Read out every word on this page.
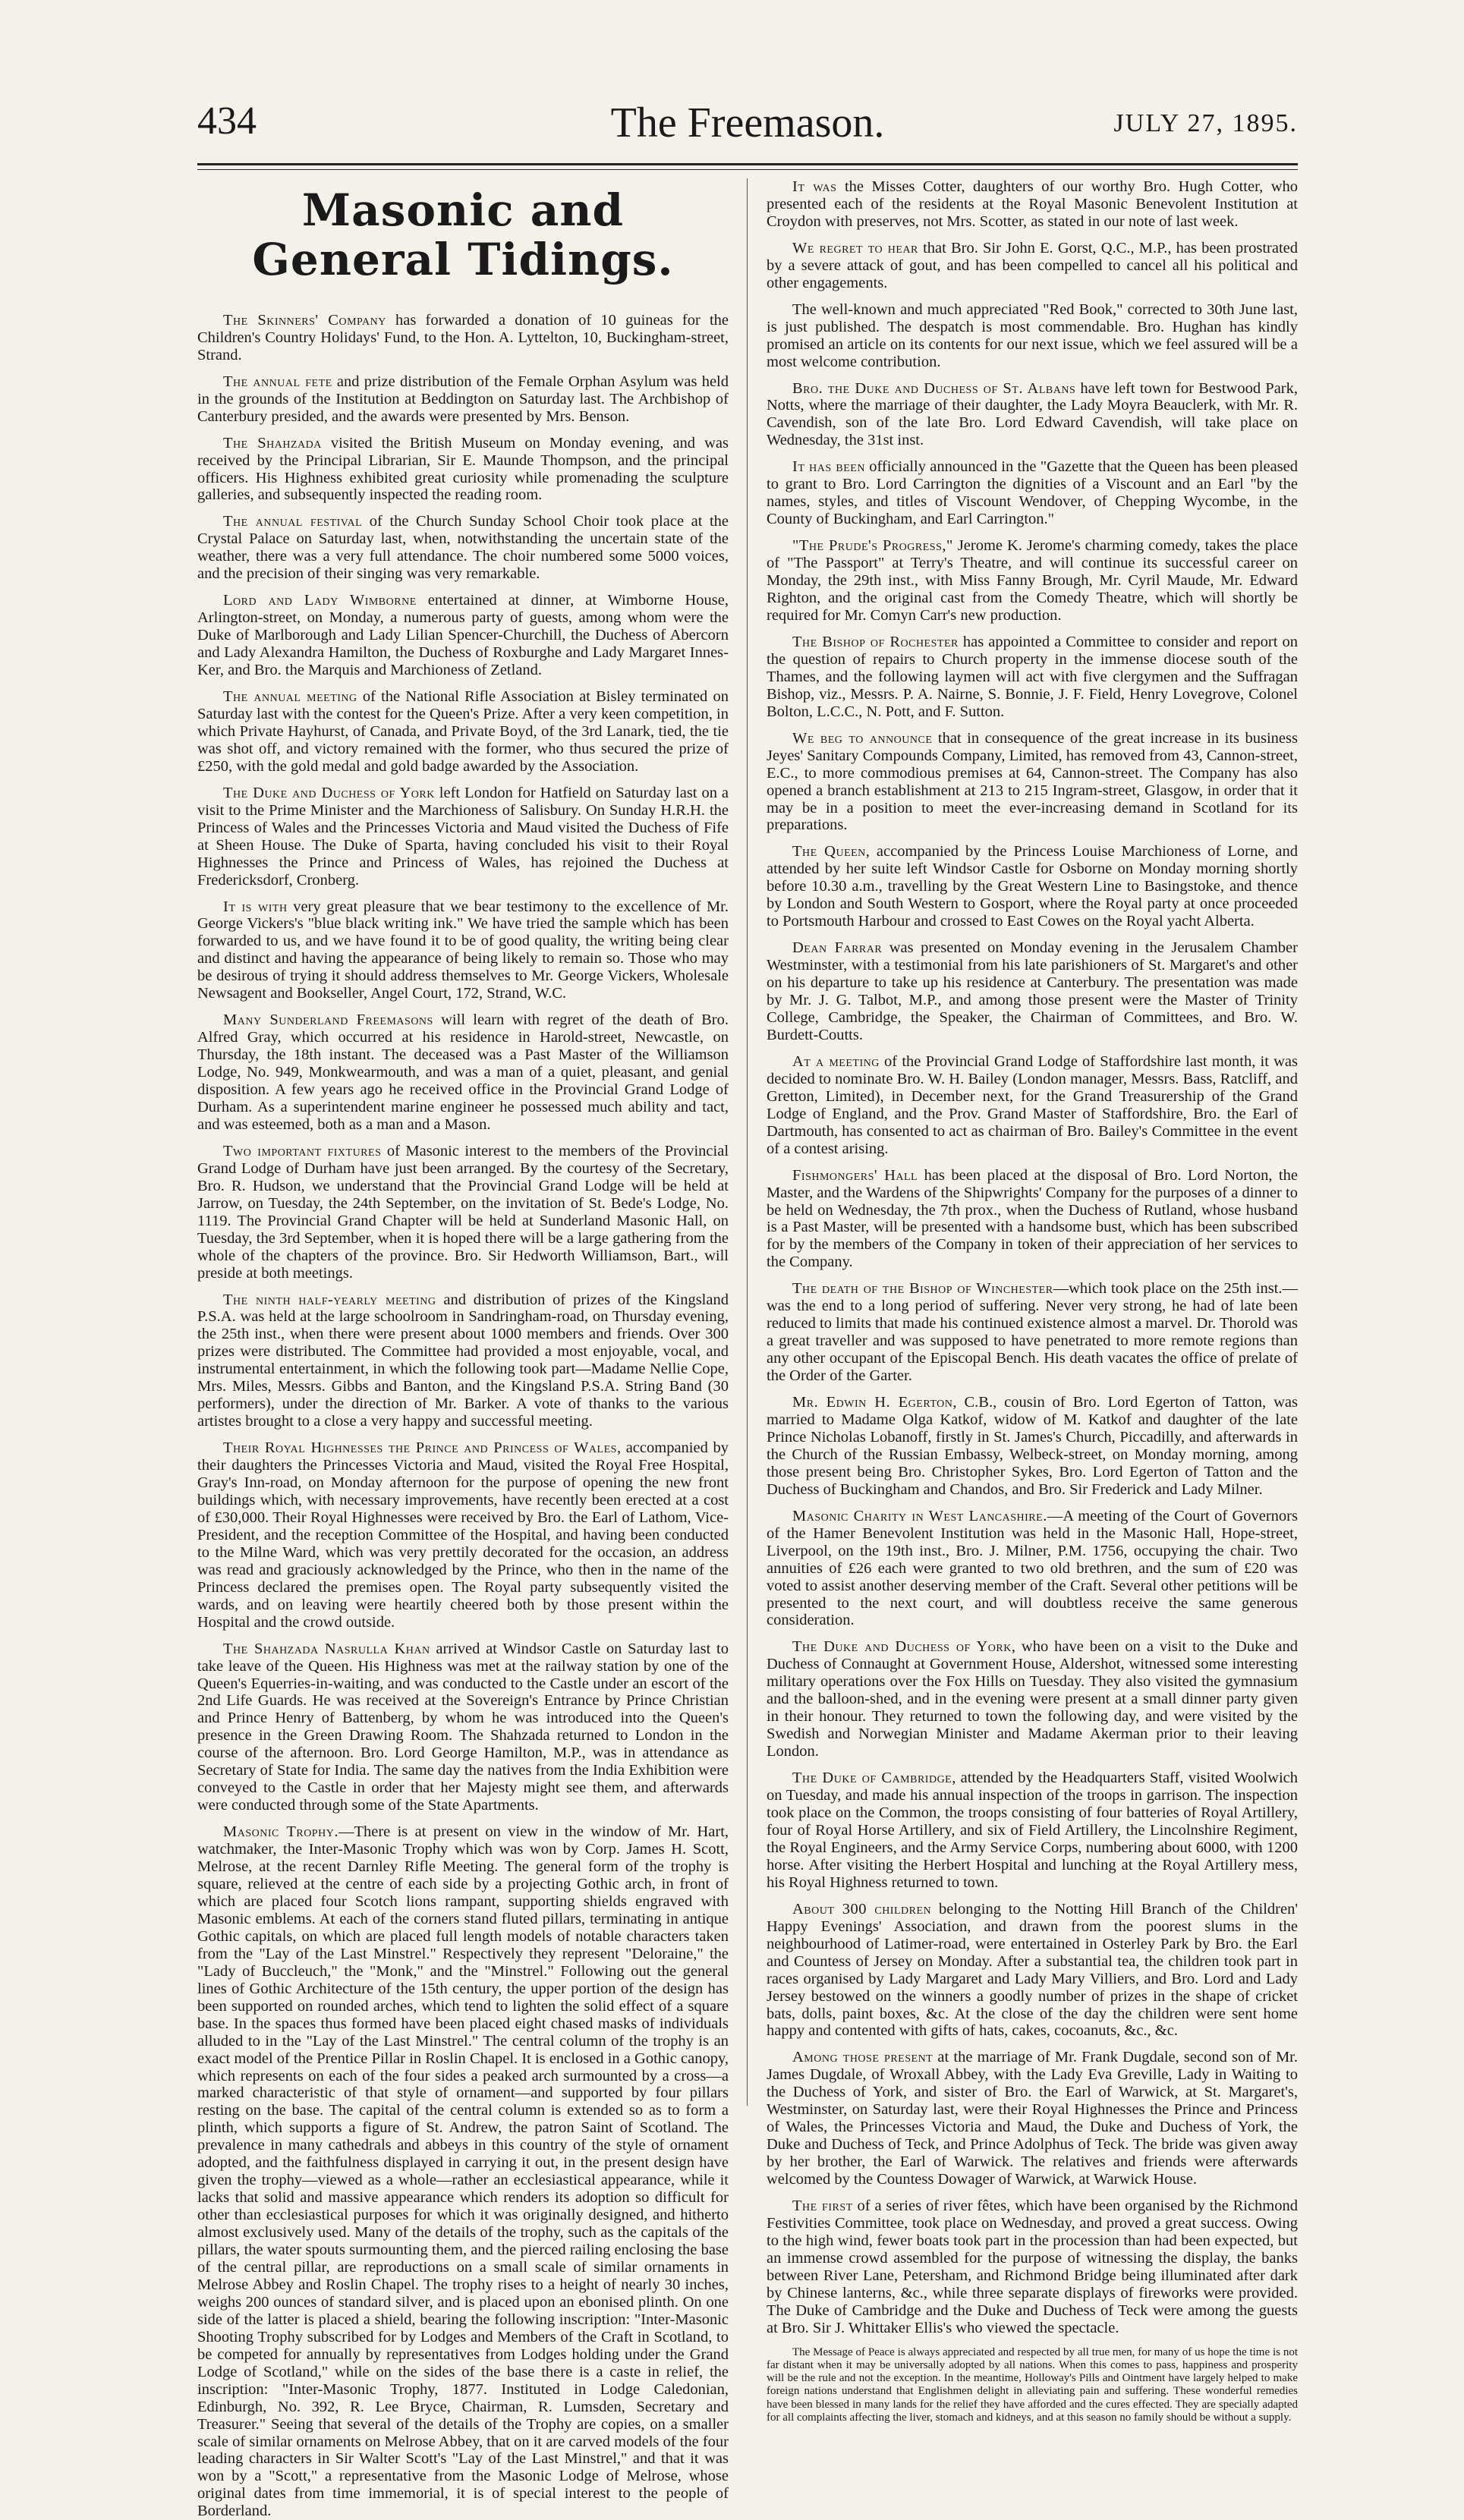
434	The Freemason.	JULY 27, 1895.
Masonic and General Tidings.

The Skinners' Company has forwarded a donation of 10 guineas for the Children's Country Holidays' Fund, to the Hon. A. Lyttelton, 10, Buckingham-street, Strand.

The annual fete and prize distribution of the Female Orphan Asylum was held in the grounds of the Institution at Beddington on Saturday last. The Archbishop of Canterbury presided, and the awards were presented by Mrs. Benson.

The Shahzada visited the British Museum on Monday evening, and was received by the Principal Librarian, Sir E. Maunde Thompson, and the principal officers. His Highness exhibited great curiosity while promenading the sculpture galleries, and subsequently inspected the reading room.

The annual festival of the Church Sunday School Choir took place at the Crystal Palace on Saturday last, when, notwithstanding the uncertain state of the weather, there was a very full attendance. The choir numbered some 5000 voices, and the precision of their singing was very remarkable.

Lord and Lady Wimborne entertained at dinner, at Wimborne House, Arlington-street, on Monday, a numerous party of guests, among whom were the Duke of Marlborough and Lady Lilian Spencer-Churchill, the Duchess of Abercorn and Lady Alexandra Hamilton, the Duchess of Roxburghe and Lady Margaret Innes-Ker, and Bro. the Marquis and Marchioness of Zetland.

The annual meeting of the National Rifle Association at Bisley terminated on Saturday last with the contest for the Queen's Prize. After a very keen competition, in which Private Hayhurst, of Canada, and Private Boyd, of the 3rd Lanark, tied, the tie was shot off, and victory remained with the former, who thus secured the prize of £250, with the gold medal and gold badge awarded by the Association.

The Duke and Duchess of York left London for Hatfield on Saturday last on a visit to the Prime Minister and the Marchioness of Salisbury. On Sunday H.R.H. the Princess of Wales and the Princesses Victoria and Maud visited the Duchess of Fife at Sheen House. The Duke of Sparta, having concluded his visit to their Royal Highnesses the Prince and Princess of Wales, has rejoined the Duchess at Fredericksdorf, Cronberg.

It is with very great pleasure that we bear testimony to the excellence of Mr. George Vickers's "blue black writing ink." We have tried the sample which has been forwarded to us, and we have found it to be of good quality, the writing being clear and distinct and having the appearance of being likely to remain so. Those who may be desirous of trying it should address themselves to Mr. George Vickers, Wholesale Newsagent and Bookseller, Angel Court, 172, Strand, W.C.

Many Sunderland Freemasons will learn with regret of the death of Bro. Alfred Gray, which occurred at his residence in Harold-street, Newcastle, on Thursday, the 18th instant. The deceased was a Past Master of the Williamson Lodge, No. 949, Monkwearmouth, and was a man of a quiet, pleasant, and genial disposition. A few years ago he received office in the Provincial Grand Lodge of Durham. As a superintendent marine engineer he possessed much ability and tact, and was esteemed, both as a man and a Mason.

Two important fixtures of Masonic interest to the members of the Provincial Grand Lodge of Durham have just been arranged. By the courtesy of the Secretary, Bro. R. Hudson, we understand that the Provincial Grand Lodge will be held at Jarrow, on Tuesday, the 24th September, on the invitation of St. Bede's Lodge, No. 1119. The Provincial Grand Chapter will be held at Sunderland Masonic Hall, on Tuesday, the 3rd September, when it is hoped there will be a large gathering from the whole of the chapters of the province. Bro. Sir Hedworth Williamson, Bart., will preside at both meetings.

The ninth half-yearly meeting and distribution of prizes of the Kingsland P.S.A. was held at the large schoolroom in Sandringham-road, on Thursday evening, the 25th inst., when there were present about 1000 members and friends. Over 300 prizes were distributed. The Committee had provided a most enjoyable, vocal, and instrumental entertainment, in which the following took part—Madame Nellie Cope, Mrs. Miles, Messrs. Gibbs and Banton, and the Kingsland P.S.A. String Band (30 performers), under the direction of Mr. Barker. A vote of thanks to the various artistes brought to a close a very happy and successful meeting.

Their Royal Highnesses the Prince and Princess of Wales, accompanied by their daughters the Princesses Victoria and Maud, visited the Royal Free Hospital, Gray's Inn-road, on Monday afternoon for the purpose of opening the new front buildings which, with necessary improvements, have recently been erected at a cost of £30,000. Their Royal Highnesses were received by Bro. the Earl of Lathom, Vice-President, and the reception Committee of the Hospital, and having been conducted to the Milne Ward, which was very prettily decorated for the occasion, an address was read and graciously acknowledged by the Prince, who then in the name of the Princess declared the premises open. The Royal party subsequently visited the wards, and on leaving were heartily cheered both by those present within the Hospital and the crowd outside.

The Shahzada Nasrulla Khan arrived at Windsor Castle on Saturday last to take leave of the Queen. His Highness was met at the railway station by one of the Queen's Equerries-in-waiting, and was conducted to the Castle under an escort of the 2nd Life Guards. He was received at the Sovereign's Entrance by Prince Christian and Prince Henry of Battenberg, by whom he was introduced into the Queen's presence in the Green Drawing Room. The Shahzada returned to London in the course of the afternoon. Bro. Lord George Hamilton, M.P., was in attendance as Secretary of State for India. The same day the natives from the India Exhibition were conveyed to the Castle in order that her Majesty might see them, and afterwards were conducted through some of the State Apartments.

Masonic Trophy.—There is at present on view in the window of Mr. Hart, watchmaker, the Inter-Masonic Trophy which was won by Corp. James H. Scott, Melrose, at the recent Darnley Rifle Meeting. The general form of the trophy is square, relieved at the centre of each side by a projecting Gothic arch, in front of which are placed four Scotch lions rampant, supporting shields engraved with Masonic emblems. At each of the corners stand fluted pillars, terminating in antique Gothic capitals, on which are placed full length models of notable characters taken from the "Lay of the Last Minstrel." Respectively they represent "Deloraine," the "Lady of Buccleuch," the "Monk," and the "Minstrel." Following out the general lines of Gothic Architecture of the 15th century, the upper portion of the design has been supported on rounded arches, which tend to lighten the solid effect of a square base. In the spaces thus formed have been placed eight chased masks of individuals alluded to in the "Lay of the Last Minstrel." The central column of the trophy is an exact model of the Prentice Pillar in Roslin Chapel. It is enclosed in a Gothic canopy, which represents on each of the four sides a peaked arch surmounted by a cross—a marked characteristic of that style of ornament—and supported by four pillars resting on the base. The capital of the central column is extended so as to form a plinth, which supports a figure of St. Andrew, the patron Saint of Scotland. The prevalence in many cathedrals and abbeys in this country of the style of ornament adopted, and the faithfulness displayed in carrying it out, in the present design have given the trophy—viewed as a whole—rather an ecclesiastical appearance, while it lacks that solid and massive appearance which renders its adoption so difficult for other than ecclesiastical purposes for which it was originally designed, and hitherto almost exclusively used. Many of the details of the trophy, such as the capitals of the pillars, the water spouts surmounting them, and the pierced railing enclosing the base of the central pillar, are reproductions on a small scale of similar ornaments in Melrose Abbey and Roslin Chapel. The trophy rises to a height of nearly 30 inches, weighs 200 ounces of standard silver, and is placed upon an ebonised plinth. On one side of the latter is placed a shield, bearing the following inscription: "Inter-Masonic Shooting Trophy subscribed for by Lodges and Members of the Craft in Scotland, to be competed for annually by representatives from Lodges holding under the Grand Lodge of Scotland," while on the sides of the base there is a caste in relief, the inscription: "Inter-Masonic Trophy, 1877. Instituted in Lodge Caledonian, Edinburgh, No. 392, R. Lee Bryce, Chairman, R. Lumsden, Secretary and Treasurer." Seeing that several of the details of the Trophy are copies, on a smaller scale of similar ornaments on Melrose Abbey, that on it are carved models of the four leading characters in Sir Walter Scott's "Lay of the Last Minstrel," and that it was won by a "Scott," a representative from the Masonic Lodge of Melrose, whose original dates from time immemorial, it is of special interest to the people of Borderland.

It was the Misses Cotter, daughters of our worthy Bro. Hugh Cotter, who presented each of the residents at the Royal Masonic Benevolent Institution at Croydon with preserves, not Mrs. Scotter, as stated in our note of last week.

We regret to hear that Bro. Sir John E. Gorst, Q.C., M.P., has been prostrated by a severe attack of gout, and has been compelled to cancel all his political and other engagements.

The well-known and much appreciated "Red Book," corrected to 30th June last, is just published. The despatch is most commendable. Bro. Hughan has kindly promised an article on its contents for our next issue, which we feel assured will be a most welcome contribution.

Bro. the Duke and Duchess of St. Albans have left town for Bestwood Park, Notts, where the marriage of their daughter, the Lady Moyra Beauclerk, with Mr. R. Cavendish, son of the late Bro. Lord Edward Cavendish, will take place on Wednesday, the 31st inst.

It has been officially announced in the "Gazette that the Queen has been pleased to grant to Bro. Lord Carrington the dignities of a Viscount and an Earl "by the names, styles, and titles of Viscount Wendover, of Chepping Wycombe, in the County of Buckingham, and Earl Carrington."

"The Prude's Progress," Jerome K. Jerome's charming comedy, takes the place of "The Passport" at Terry's Theatre, and will continue its successful career on Monday, the 29th inst., with Miss Fanny Brough, Mr. Cyril Maude, Mr. Edward Righton, and the original cast from the Comedy Theatre, which will shortly be required for Mr. Comyn Carr's new production.

The Bishop of Rochester has appointed a Committee to consider and report on the question of repairs to Church property in the immense diocese south of the Thames, and the following laymen will act with five clergymen and the Suffragan Bishop, viz., Messrs. P. A. Nairne, S. Bonnie, J. F. Field, Henry Lovegrove, Colonel Bolton, L.C.C., N. Pott, and F. Sutton.

We beg to announce that in consequence of the great increase in its business Jeyes' Sanitary Compounds Company, Limited, has removed from 43, Cannon-street, E.C., to more commodious premises at 64, Cannon-street. The Company has also opened a branch establishment at 213 to 215 Ingram-street, Glasgow, in order that it may be in a position to meet the ever-increasing demand in Scotland for its preparations.

The Queen, accompanied by the Princess Louise Marchioness of Lorne, and attended by her suite left Windsor Castle for Osborne on Monday morning shortly before 10.30 a.m., travelling by the Great Western Line to Basingstoke, and thence by London and South Western to Gosport, where the Royal party at once proceeded to Portsmouth Harbour and crossed to East Cowes on the Royal yacht Alberta.

Dean Farrar was presented on Monday evening in the Jerusalem Chamber Westminster, with a testimonial from his late parishioners of St. Margaret's and other on his departure to take up his residence at Canterbury. The presentation was made by Mr. J. G. Talbot, M.P., and among those present were the Master of Trinity College, Cambridge, the Speaker, the Chairman of Committees, and Bro. W. Burdett-Coutts.

At a meeting of the Provincial Grand Lodge of Staffordshire last month, it was decided to nominate Bro. W. H. Bailey (London manager, Messrs. Bass, Ratcliff, and Gretton, Limited), in December next, for the Grand Treasurership of the Grand Lodge of England, and the Prov. Grand Master of Staffordshire, Bro. the Earl of Dartmouth, has consented to act as chairman of Bro. Bailey's Committee in the event of a contest arising.

Fishmongers' Hall has been placed at the disposal of Bro. Lord Norton, the Master, and the Wardens of the Shipwrights' Company for the purposes of a dinner to be held on Wednesday, the 7th prox., when the Duchess of Rutland, whose husband is a Past Master, will be presented with a handsome bust, which has been subscribed for by the members of the Company in token of their appreciation of her services to the Company.

The death of the Bishop of Winchester—which took place on the 25th inst.—was the end to a long period of suffering. Never very strong, he had of late been reduced to limits that made his continued existence almost a marvel. Dr. Thorold was a great traveller and was supposed to have penetrated to more remote regions than any other occupant of the Episcopal Bench. His death vacates the office of prelate of the Order of the Garter.

Mr. Edwin H. Egerton, C.B., cousin of Bro. Lord Egerton of Tatton, was married to Madame Olga Katkof, widow of M. Katkof and daughter of the late Prince Nicholas Lobanoff, firstly in St. James's Church, Piccadilly, and afterwards in the Church of the Russian Embassy, Welbeck-street, on Monday morning, among those present being Bro. Christopher Sykes, Bro. Lord Egerton of Tatton and the Duchess of Buckingham and Chandos, and Bro. Sir Frederick and Lady Milner.

Masonic Charity in West Lancashire.—A meeting of the Court of Governors of the Hamer Benevolent Institution was held in the Masonic Hall, Hope-street, Liverpool, on the 19th inst., Bro. J. Milner, P.M. 1756, occupying the chair. Two annuities of £26 each were granted to two old brethren, and the sum of £20 was voted to assist another deserving member of the Craft. Several other petitions will be presented to the next court, and will doubtless receive the same generous consideration.

The Duke and Duchess of York, who have been on a visit to the Duke and Duchess of Connaught at Government House, Aldershot, witnessed some interesting military operations over the Fox Hills on Tuesday. They also visited the gymnasium and the balloon-shed, and in the evening were present at a small dinner party given in their honour. They returned to town the following day, and were visited by the Swedish and Norwegian Minister and Madame Akerman prior to their leaving London.

The Duke of Cambridge, attended by the Headquarters Staff, visited Woolwich on Tuesday, and made his annual inspection of the troops in garrison. The inspection took place on the Common, the troops consisting of four batteries of Royal Artillery, four of Royal Horse Artillery, and six of Field Artillery, the Lincolnshire Regiment, the Royal Engineers, and the Army Service Corps, numbering about 6000, with 1200 horse. After visiting the Herbert Hospital and lunching at the Royal Artillery mess, his Royal Highness returned to town.

About 300 children belonging to the Notting Hill Branch of the Children' Happy Evenings' Association, and drawn from the poorest slums in the neighbourhood of Latimer-road, were entertained in Osterley Park by Bro. the Earl and Countess of Jersey on Monday. After a substantial tea, the children took part in races organised by Lady Margaret and Lady Mary Villiers, and Bro. Lord and Lady Jersey bestowed on the winners a goodly number of prizes in the shape of cricket bats, dolls, paint boxes, &c. At the close of the day the children were sent home happy and contented with gifts of hats, cakes, cocoanuts, &c., &c.

Among those present at the marriage of Mr. Frank Dugdale, second son of Mr. James Dugdale, of Wroxall Abbey, with the Lady Eva Greville, Lady in Waiting to the Duchess of York, and sister of Bro. the Earl of Warwick, at St. Margaret's, Westminster, on Saturday last, were their Royal Highnesses the Prince and Princess of Wales, the Princesses Victoria and Maud, the Duke and Duchess of York, the Duke and Duchess of Teck, and Prince Adolphus of Teck. The bride was given away by her brother, the Earl of Warwick. The relatives and friends were afterwards welcomed by the Countess Dowager of Warwick, at Warwick House.

The first of a series of river fêtes, which have been organised by the Richmond Festivities Committee, took place on Wednesday, and proved a great success. Owing to the high wind, fewer boats took part in the procession than had been expected, but an immense crowd assembled for the purpose of witnessing the display, the banks between River Lane, Petersham, and Richmond Bridge being illuminated after dark by Chinese lanterns, &c., while three separate displays of fireworks were provided. The Duke of Cambridge and the Duke and Duchess of Teck were among the guests at Bro. Sir J. Whittaker Ellis's who viewed the spectacle.

The Message of Peace is always appreciated and respected by all true men, for many of us hope the time is not far distant when it may be universally adopted by all nations. When this comes to pass, happiness and prosperity will be the rule and not the exception. In the meantime, Holloway's Pills and Ointment have largely helped to make foreign nations understand that Englishmen delight in alleviating pain and suffering. These wonderful remedies have been blessed in many lands for the relief they have afforded and the cures effected. They are specially adapted for all complaints affecting the liver, stomach and kidneys, and at this season no family should be without a supply.
